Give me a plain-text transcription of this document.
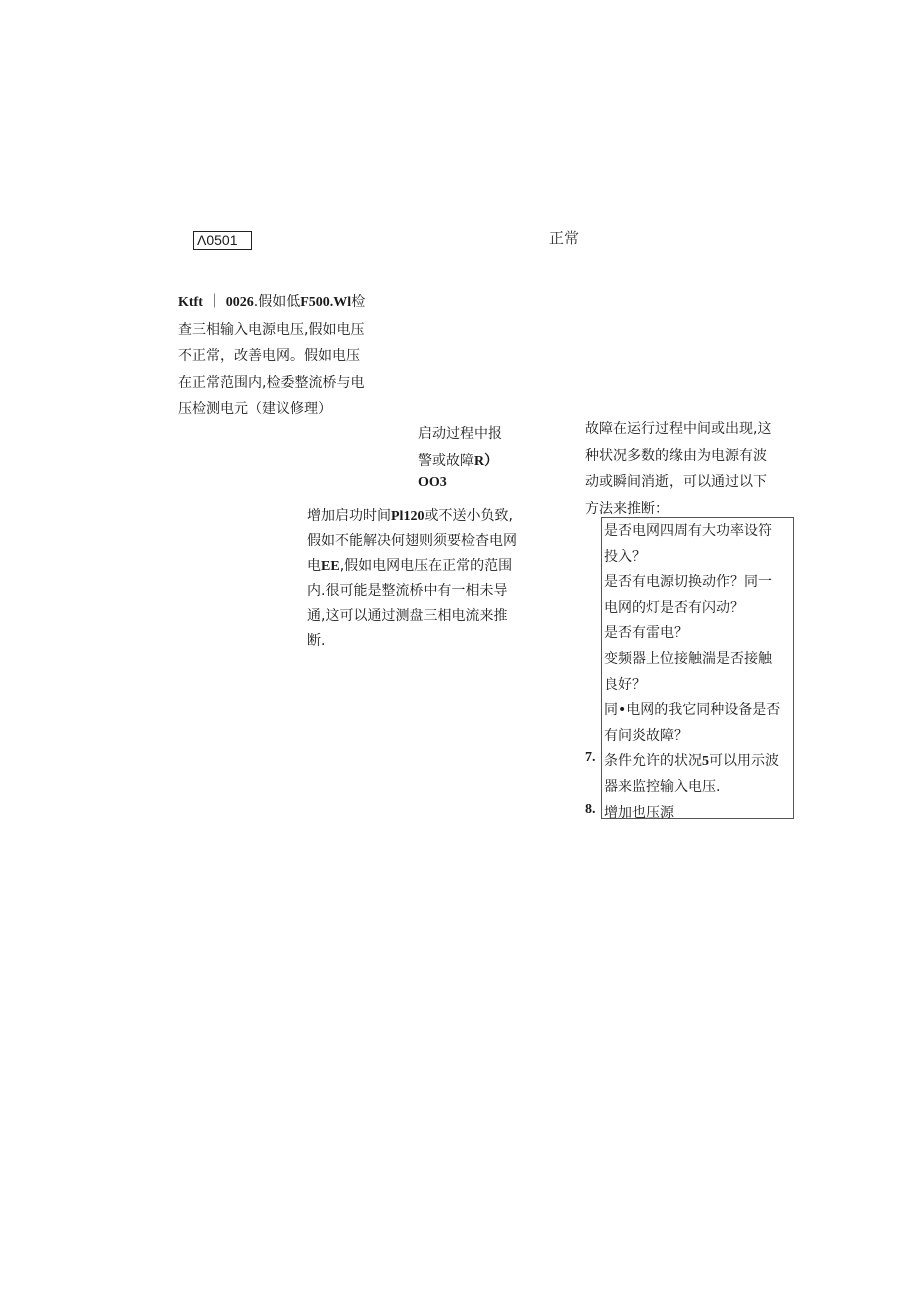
Λ0501	正常
Ktft ｜ 0026.假如低F500.Wl检
查三相输入电源电压,假如电压
不正常，改善电网。假如电压
在正常范围内,检委整流桥与电
压检测电元（建议修理）
启动过程中报
警或故障R）
OO3
增加启功时间Pl120或不送小负致,
假如不能解决何翅则须要检杳电网
电EE,假如电网电压在正常的范围
内.很可能是整流桥中有一相未导
通,这可以通过测盘三相电流来推
断.
故障在运行过程中间或出现,这
种状况多数的缘由为电源有波
动或瞬间消逝，可以通过以下
方法来推断：
是否电网四周有大功率设符
投入？
是否有电源切换动作？同一
电网的灯是否有闪动？
是否有雷电？
变频器上位接触湍是否接触
良好？
同•电网的我它同种设备是否
有问炎故障？
条件允许的状况5可以用示波
器来监控输入电压.
增加也压源
7.
8.
